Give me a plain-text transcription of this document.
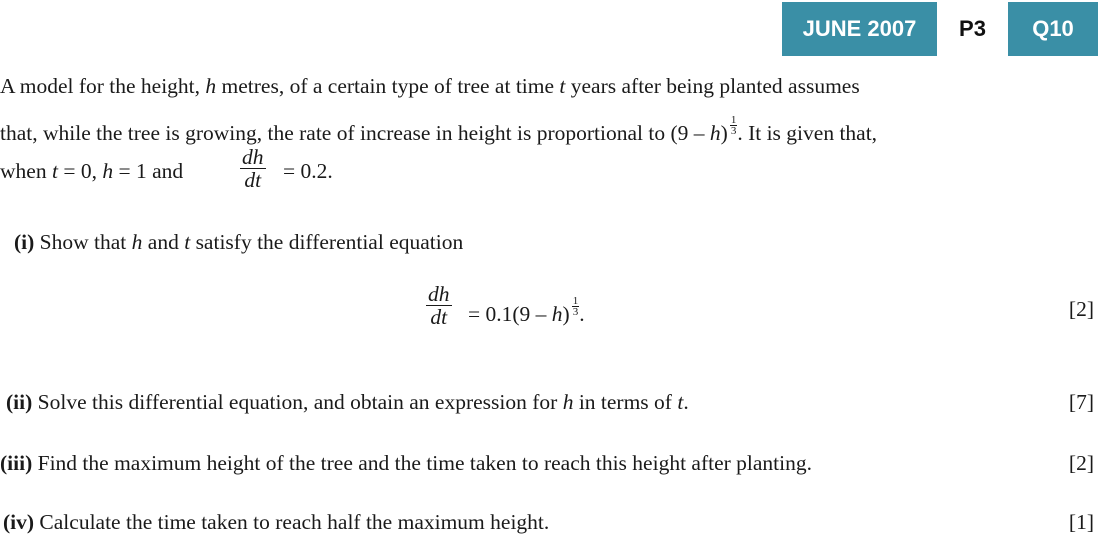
JUNE 2007	P3	Q10
A model for the height, h metres, of a certain type of tree at time t years after being planted assumes
that, while the tree is growing, the rate of increase in height is proportional to $(9 - h) \frac{1}{3}$ . It is given that,
when t = 0, h = 1 and	$\frac{dh}{dt} = 0.2$.
(i) Show that h and t satisfy the differential equation
$\frac{dh}{dt} = 0.1(9 - h) \frac{1}{3}$ .	[2]
(ii) Solve this differential equation, and obtain an expression for h in terms of t.	[7]
(iii) Find the maximum height of the tree and the time taken to reach this height after planting.	[2]
(iv) Calculate the time taken to reach half the maximum height.	[1]
